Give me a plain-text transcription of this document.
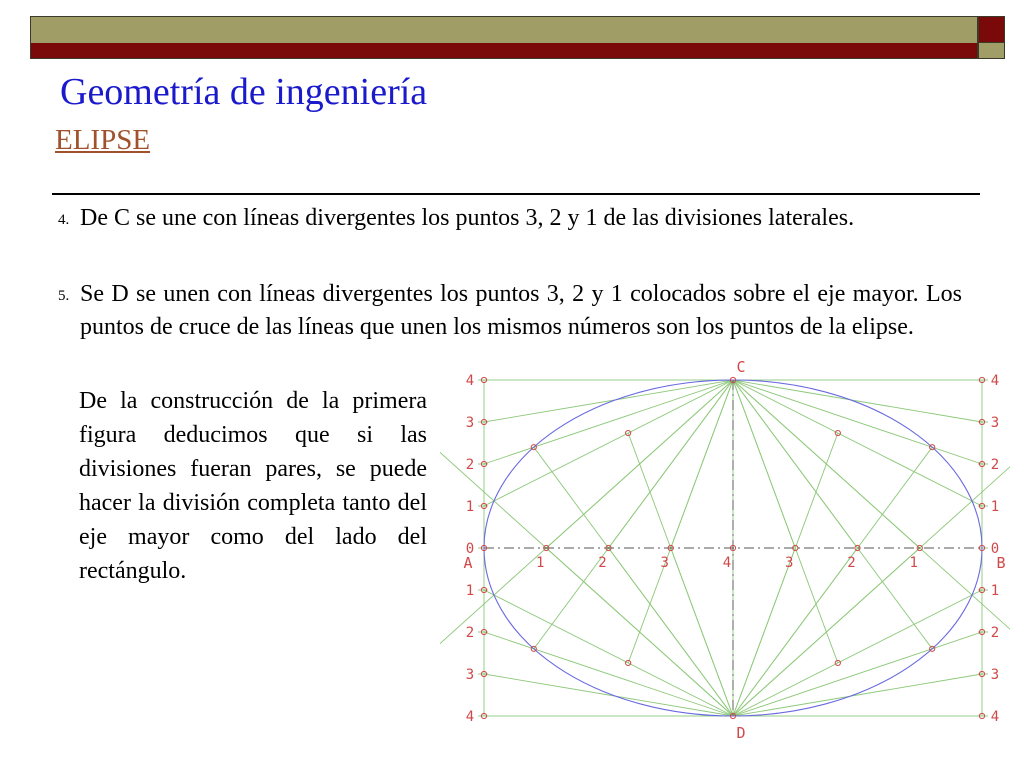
Geometría de ingeniería
ELIPSE
4. De C se une con líneas divergentes los puntos 3, 2 y 1 de las divisiones laterales.
5. Se D se unen con líneas divergentes los puntos 3, 2 y 1 colocados sobre el eje mayor. Los puntos de cruce de las líneas que unen los mismos números son los puntos de la elipse.
De la construcción de la primera figura deducimos que si las divisiones fueran pares, se puede hacer la división completa tanto del eje mayor como del lado del rectángulo.
4	4
3	3
2	2
1	1
0	0
1	1
2	2
3	3
4	4
1	2	3	4	3	2	1
C
D
A	B
